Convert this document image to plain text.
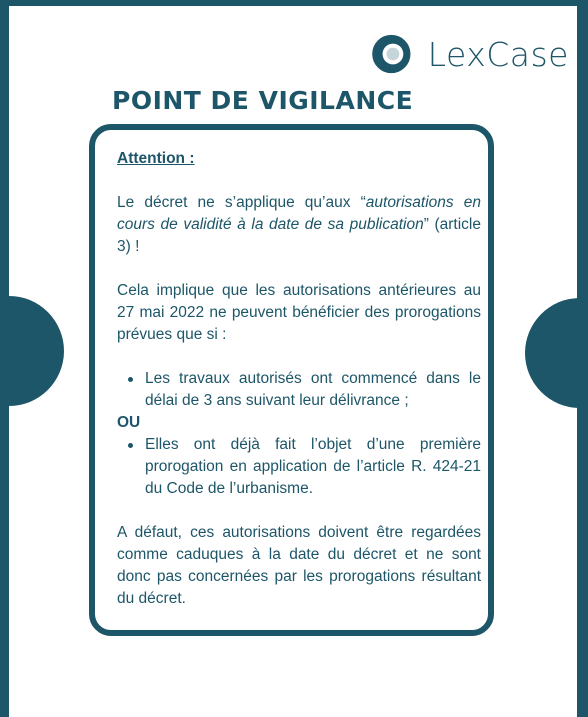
LexCase
POINT DE VIGILANCE

Attention :

Le décret ne s’applique qu’aux “autorisations en cours de validité à la date de sa publication” (article 3) !

Cela implique que les autorisations antérieures au 27 mai 2022 ne peuvent bénéficier des prorogations prévues que si :

Les travaux autorisés ont commencé dans le délai de 3 ans suivant leur délivrance ;

OU

Elles ont déjà fait l’objet d’une première prorogation en application de l’article R. 424-21 du Code de l’urbanisme.

A défaut, ces autorisations doivent être regardées comme caduques à la date du décret et ne sont donc pas concernées par les prorogations résultant du décret.
